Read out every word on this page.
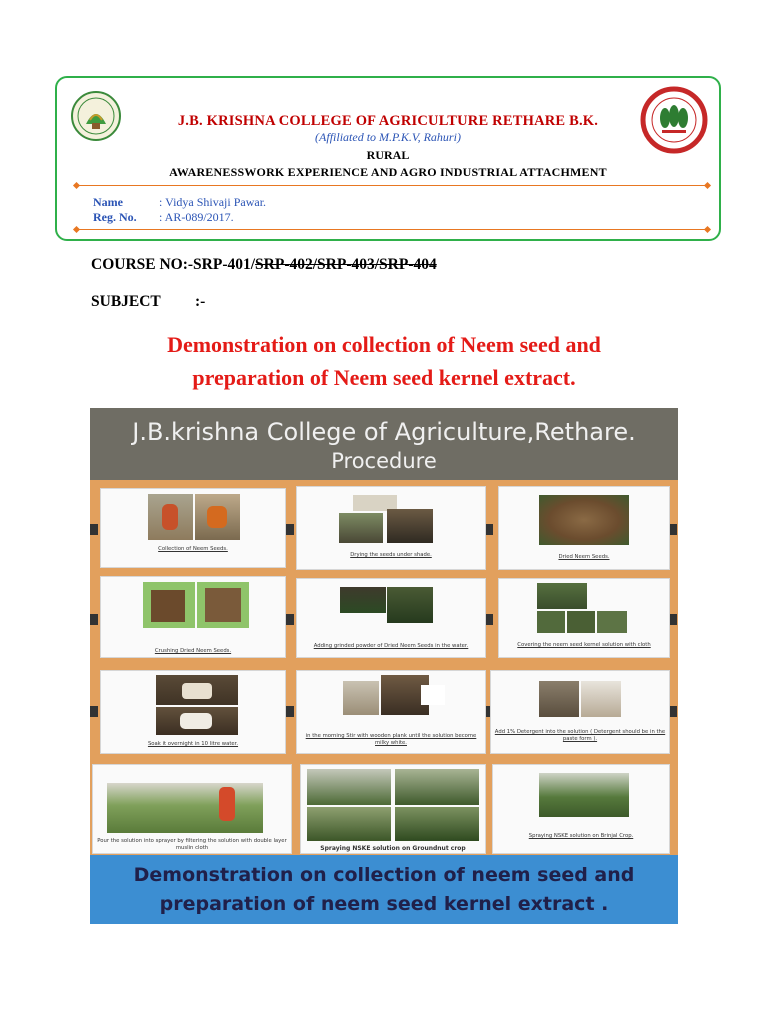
J.B. KRISHNA COLLEGE OF AGRICULTURE RETHARE B.K.
(Affiliated to M.P.K.V, Rahuri)
RURAL
AWARENESSWORK EXPERIENCE AND AGRO INDUSTRIAL ATTACHMENT
Name	: Vidya Shivaji Pawar.
Reg. No. : AR-089/2017.
COURSE NO:-SRP-401/SRP-402/SRP-403/SRP-404
SUBJECT :-
Demonstration on collection of Neem seed and
preparation of Neem seed kernel extract.
J.B.krishna College of Agriculture,Rethare.
Procedure
Collection of Neem Seeds.
Drying the seeds under shade.	Dried Neem Seeds.
Crushing Dried Neem Seeds.
Adding grinded powder of Dried Neem Seeds in the water.	Covering the neem seed kernel solution with cloth
Soak it overnight in 10 litre water.
in the morning Stir with wooden plank until the solution become milky white.
Add 1% Detergent into the solution ( Detergent should be in the paste form ).
Pour the solution into sprayer by filtering the solution with double layer muslin cloth	Spraying NSKE solution on Groundnut crop
Spraying NSKE solution on Brinjal Crop.
Demonstration on collection of neem seed and
preparation of neem seed kernel extract .
